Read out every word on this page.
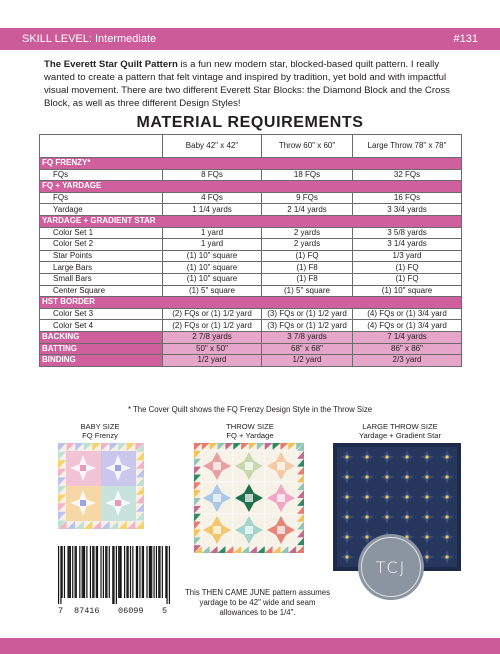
SKILL LEVEL: Intermediate	#131

The Everett Star Quilt Pattern is a fun new modern star, blocked-based quilt pattern. I really wanted to create a pattern that felt vintage and inspired by tradition, yet bold and with impactful visual movement. There are two different Everett Star Blocks: the Diamond Block and the Cross Block, as well as three different Design Styles!

MATERIAL REQUIREMENTS
	Baby 42" x 42"	Throw 60" x 60"	Large Throw 78" x 78"
FQ FRENZY*			
FQs	8 FQs	18 FQs	32 FQs
FQ + YARDAGE			
FQs	4 FQs	9 FQs	16 FQs
Yardage	1 1/4 yards	2 1/4 yards	3 3/4 yards
YARDAGE + GRADIENT STAR			
Color Set 1	1 yard	2 yards	3 5/8 yards
Color Set 2	1 yard	2 yards	3 1/4 yards
Star Points	(1) 10" square	(1) FQ	1/3 yard
Large Bars	(1) 10" square	(1) F8	(1) FQ
Small Bars	(1) 10" square	(1) F8	(1) FQ
Center Square	(1) 5" square	(1) 5" square	(1) 10" square
HST BORDER			
Color Set 3	(2) FQs or (1) 1/2 yard	(3) FQs or (1) 1/2 yard	(4) FQs or (1) 3/4 yard
Color Set 4	(2) FQs or (1) 1/2 yard	(3) FQs or (1) 1/2 yard	(4) FQs or (1) 3/4 yard
BACKING	2 7/8 yards	3 7/8 yards	7 1/4 yards
BATTING	50" x 50"	68" x 68"	86" x 86"
BINDING	1/2 yard	1/2 yard	2/3 yard
* The Cover Quilt shows the FQ Frenzy Design Style in the Throw Size
BABY SIZE
FQ Frenzy
THROW SIZE
FQ + Yardage
LARGE THROW SIZE
Yardage + Gradient Star
7 87416 06099 5
This THEN CAME JUNE pattern assumes yardage to be 42" wide and seam allowances to be 1/4".
TCJ
